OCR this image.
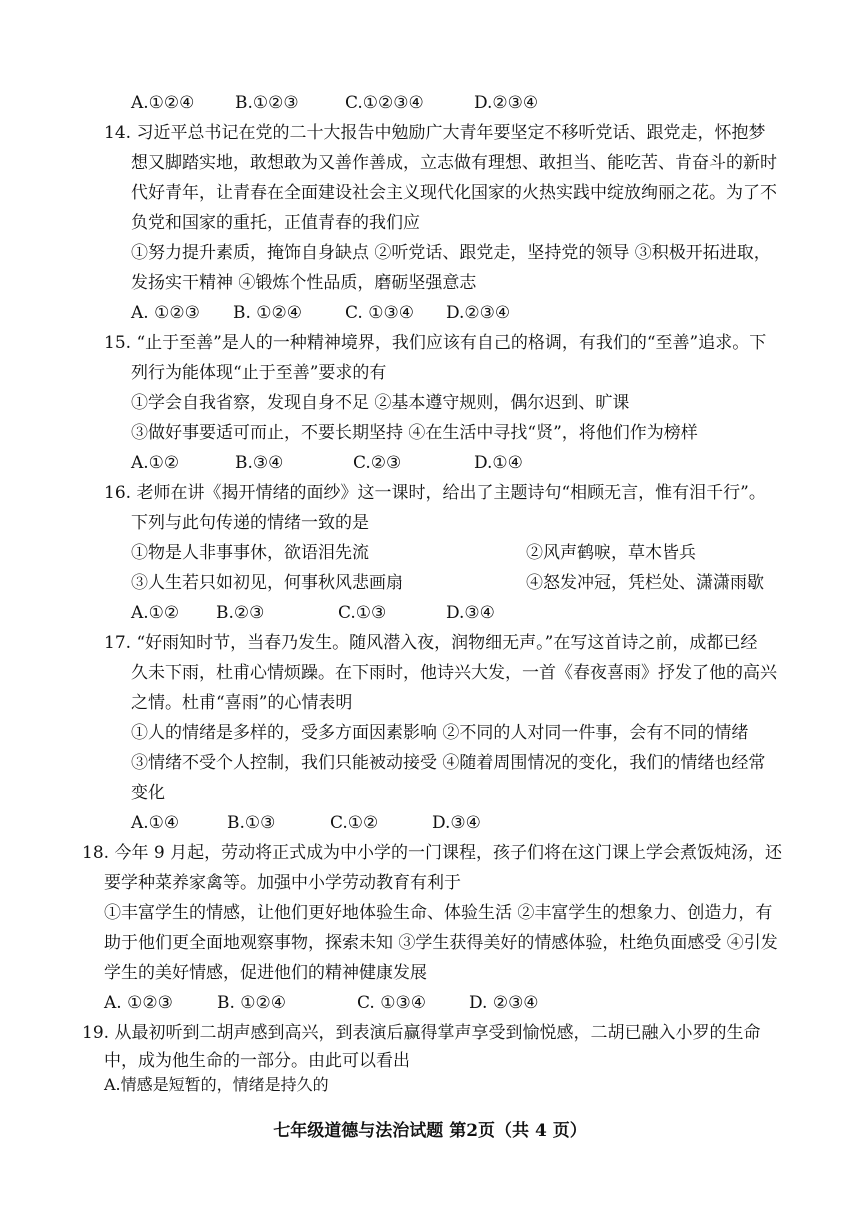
A.①②④ B.①②③	C.①②③④	D.②③④
14. 习近平总书记在党的二十大报告中勉励广大青年要坚定不移听党话、跟党走，怀抱梦
想又脚踏实地，敢想敢为又善作善成，立志做有理想、敢担当、能吃苦、肯奋斗的新时
代好青年，让青春在全面建设社会主义现代化国家的火热实践中绽放绚丽之花。为了不
负党和国家的重托，正值青春的我们应
①努力提升素质，掩饰自身缺点 ②听党话、跟党走，坚持党的领导 ③积极开拓进取，
发扬实干精神 ④锻炼个性品质，磨砺坚强意志
A. ①②③ B. ①②④	C. ①③④ D.②③④
15. “止于至善”是人的一种精神境界，我们应该有自己的格调，有我们的“至善”追求。下
列行为能体现“止于至善”要求的有
①学会自我省察，发现自身不足 ②基本遵守规则，偶尔迟到、旷课
③做好事要适可而止，不要长期坚持 ④在生活中寻找“贤”，将他们作为榜样
A.①②	B.③④	C.②③	D.①④
16. 老师在讲《揭开情绪的面纱》这一课时，给出了主题诗句“相顾无言，惟有泪千行”。
下列与此句传递的情绪一致的是
①物是人非事事休，欲语泪先流	②风声鹤唳，草木皆兵
③人生若只如初见，何事秋风悲画扇	④怒发冲冠，凭栏处、潇潇雨歇
A.①② B.②③	C.①③	D.③④
17. “好雨知时节，当春乃发生。随风潜入夜，润物细无声。”在写这首诗之前，成都已经
久未下雨，杜甫心情烦躁。在下雨时，他诗兴大发，一首《春夜喜雨》抒发了他的高兴
之情。杜甫“喜雨”的心情表明
①人的情绪是多样的，受多方面因素影响 ②不同的人对同一件事，会有不同的情绪
③情绪不受个人控制，我们只能被动接受 ④随着周围情况的变化，我们的情绪也经常
变化
A.①④	B.①③	C.①②	D.③④
18. 今年 9 月起，劳动将正式成为中小学的一门课程，孩子们将在这门课上学会煮饭炖汤，还
要学种菜养家禽等。加强中小学劳动教育有利于
①丰富学生的情感，让他们更好地体验生命、体验生活 ②丰富学生的想象力、创造力，有
助于他们更全面地观察事物，探索未知 ③学生获得美好的情感体验，杜绝负面感受 ④引发
学生的美好情感，促进他们的精神健康发展
A. ①②③	B. ①②④	C. ①③④	D. ②③④
19. 从最初听到二胡声感到高兴，到表演后赢得掌声享受到愉悦感，二胡已融入小罗的生命
中，成为他生命的一部分。由此可以看出
A.情感是短暂的，情绪是持久的
七年级道德与法治试题 第2页（共 4 页）
